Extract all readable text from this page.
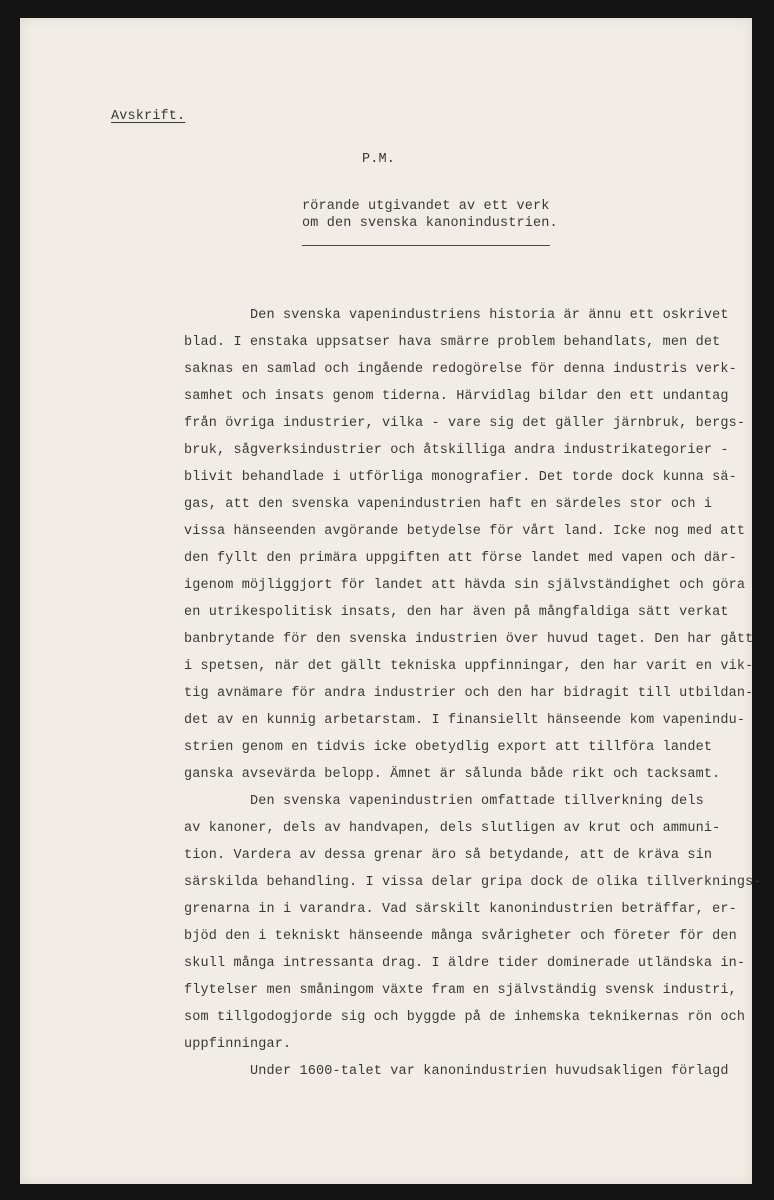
Avskrift.
P.M.
rörande utgivandet av ett verk
om den svenska kanonindustrien.
Den svenska vapenindustriens historia är ännu ett oskrivet
blad. I enstaka uppsatser hava smärre problem behandlats, men det
saknas en samlad och ingående redogörelse för denna industris verk-
samhet och insats genom tiderna. Härvidlag bildar den ett undantag
från övriga industrier, vilka - vare sig det gäller järnbruk, bergs-
bruk, sågverksindustrier och åtskilliga andra industrikategorier -
blivit behandlade i utförliga monografier. Det torde dock kunna sä-
gas, att den svenska vapenindustrien haft en särdeles stor och i
vissa hänseenden avgörande betydelse för vårt land. Icke nog med att
den fyllt den primära uppgiften att förse landet med vapen och där-
igenom möjliggjort för landet att hävda sin självständighet och göra
en utrikespolitisk insats, den har även på mångfaldiga sätt verkat
banbrytande för den svenska industrien över huvud taget. Den har gått
i spetsen, när det gällt tekniska uppfinningar, den har varit en vik-
tig avnämare för andra industrier och den har bidragit till utbildan-
det av en kunnig arbetarstam. I finansiellt hänseende kom vapenindu-
strien genom en tidvis icke obetydlig export att tillföra landet
ganska avsevärda belopp. Ämnet är sålunda både rikt och tacksamt.
Den svenska vapenindustrien omfattade tillverkning dels
av kanoner, dels av handvapen, dels slutligen av krut och ammuni-
tion. Vardera av dessa grenar äro så betydande, att de kräva sin
särskilda behandling. I vissa delar gripa dock de olika tillverknings-
grenarna in i varandra. Vad särskilt kanonindustrien beträffar, er-
bjöd den i tekniskt hänseende många svårigheter och företer för den
skull många intressanta drag. I äldre tider dominerade utländska in-
flytelser men småningom växte fram en självständig svensk industri,
som tillgodogjorde sig och byggde på de inhemska teknikernas rön och
uppfinningar.
Under 1600-talet var kanonindustrien huvudsakligen förlagd
